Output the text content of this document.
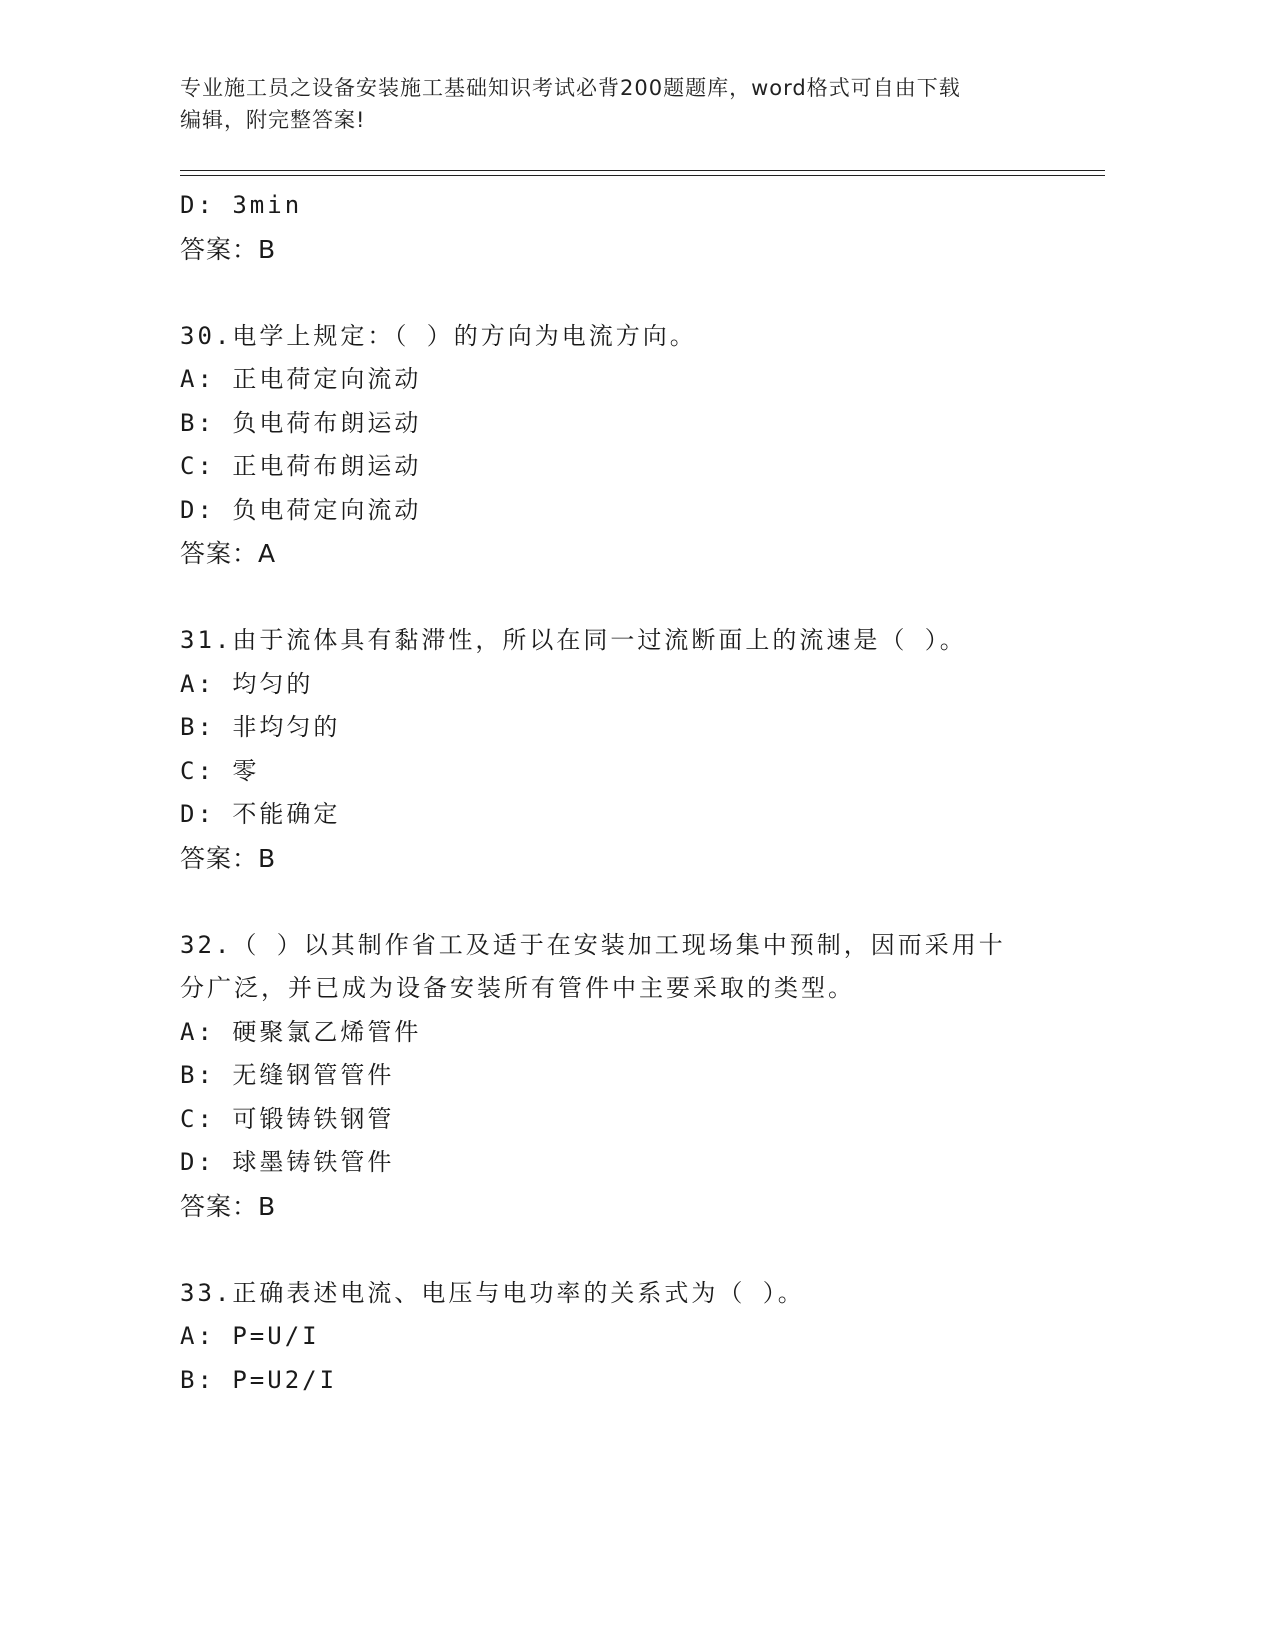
专业施工员之设备安装施工基础知识考试必背200题题库，word格式可自由下载
编辑，附完整答案!
D: 3min
答案：B
30.电学上规定：（ ）的方向为电流方向。
A: 正电荷定向流动
B: 负电荷布朗运动
C: 正电荷布朗运动
D: 负电荷定向流动
答案：A
31.由于流体具有黏滞性，所以在同一过流断面上的流速是（ ）。
A: 均匀的
B: 非均匀的
C: 零
D: 不能确定
答案：B
32.（ ）以其制作省工及适于在安装加工现场集中预制，因而采用十
分广泛，并已成为设备安装所有管件中主要采取的类型。
A: 硬聚氯乙烯管件
B: 无缝钢管管件
C: 可锻铸铁钢管
D: 球墨铸铁管件
答案：B
33.正确表述电流、电压与电功率的关系式为（ ）。
A: P=U/I
B: P=U2/I
